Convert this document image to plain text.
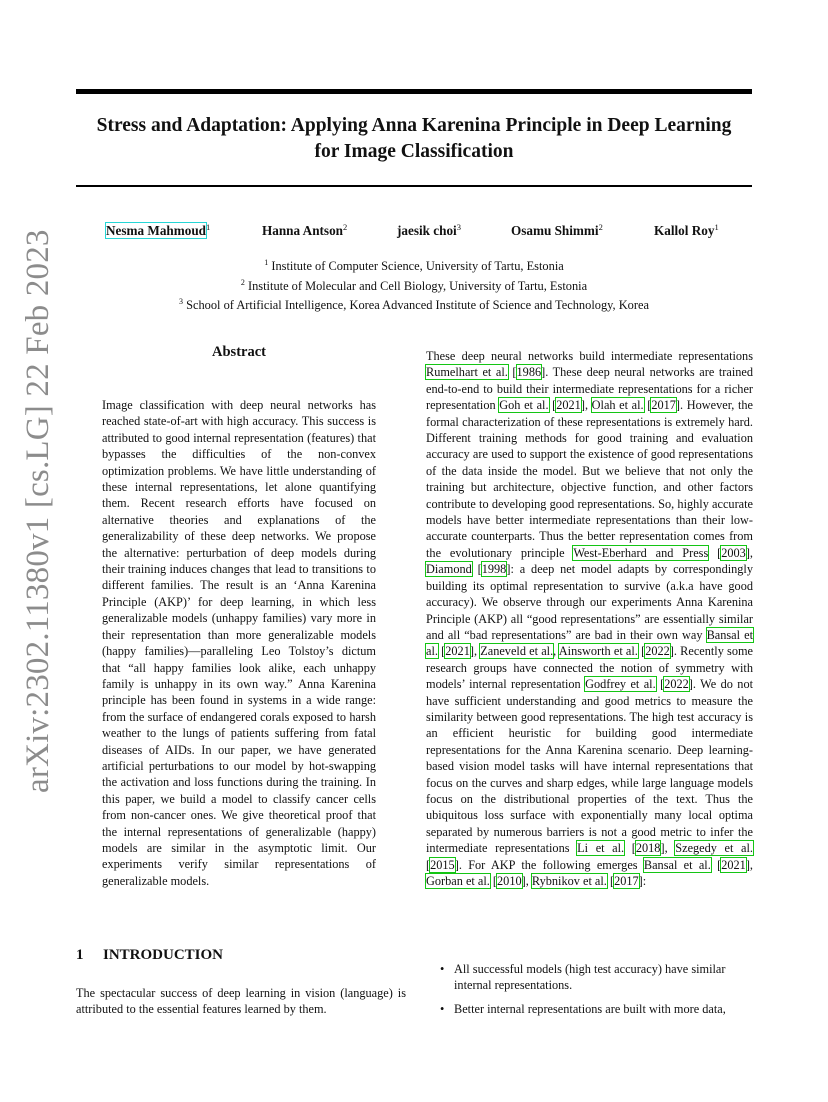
Stress and Adaptation: Applying Anna Karenina Principle in Deep Learning
for Image Classification
Nesma Mahmoud$^1$	Hanna Antson$^2$	jaesik choi$^3$	Osamu Shimmi$^2$	Kallol Roy$^1$
$^1$ Institute of Computer Science, University of Tartu, Estonia
$^2$ Institute of Molecular and Cell Biology, University of Tartu, Estonia
$^3$ School of Artificial Intelligence, Korea Advanced Institute of Science and Technology, Korea
arXiv:2302.11380v1 [cs.LG] 22 Feb 2023	Abstract
Image classification with deep neural networks has reached state-of-art with high accuracy. This success is attributed to good internal representation (features) that bypasses the difficulties of the non-convex optimization problems. We have little understanding of these internal representations, let alone quantifying them. Recent research efforts have focused on alternative theories and explanations of the generalizability of these deep networks. We propose the alternative: perturbation of deep models during their training induces changes that lead to transitions to different families. The result is an ‘Anna Karenina Principle (AKP)’ for deep learning, in which less generalizable models (unhappy families) vary more in their representation than more generalizable models (happy families)—paralleling Leo Tolstoy’s dictum that “all happy families look alike, each unhappy family is unhappy in its own way.” Anna Karenina principle has been found in systems in a wide range: from the surface of endangered corals exposed to harsh weather to the lungs of patients suffering from fatal diseases of AIDs. In our paper, we have generated artificial perturbations to our model by hot-swapping the activation and loss functions during the training. In this paper, we build a model to classify cancer cells from non-cancer ones. We give theoretical proof that the internal representations of generalizable (happy) models are similar in the asymptotic limit. Our experiments verify similar representations of generalizable models.
1 INTRODUCTION
The spectacular success of deep learning in vision (language) is attributed to the essential features learned by them.
These deep neural networks build intermediate representations Rumelhart et al. [1986]. These deep neural networks are trained end-to-end to build their intermediate representations for a richer representation Goh et al. [2021], Olah et al. [2017]. However, the formal characterization of these representations is extremely hard. Different training methods for good training and evaluation accuracy are used to support the existence of good representations of the data inside the model. But we believe that not only the training but architecture, objective function, and other factors contribute to developing good representations. So, highly accurate models have better intermediate representations than their low-accurate counterparts. Thus the better representation comes from the evolutionary principle West-Eberhard and Press [2003], Diamond [1998]: a deep net model adapts by correspondingly building its optimal representation to survive (a.k.a have good accuracy). We observe through our experiments Anna Karenina Principle (AKP) all “good representations” are essentially similar and all “bad representations” are bad in their own way Bansal et al. [2021], Zaneveld et al., Ainsworth et al. [2022]. Recently some research groups have connected the notion of symmetry with models’ internal representation Godfrey et al. [2022]. We do not have sufficient understanding and good metrics to measure the similarity between good representations. The high test accuracy is an efficient heuristic for building good intermediate representations for the Anna Karenina scenario. Deep learning-based vision model tasks will have internal representations that focus on the curves and sharp edges, while large language models focus on the distributional properties of the text. Thus the ubiquitous loss surface with exponentially many local optima separated by numerous barriers is not a good metric to infer the intermediate representations Li et al. [2018], Szegedy et al. [2015]. For AKP the following emerges Bansal et al. [2021], Gorban et al. [2010], Rybnikov et al. [2017]:
• All successful models (high test accuracy) have similar internal representations.
• Better internal representations are built with more data,
